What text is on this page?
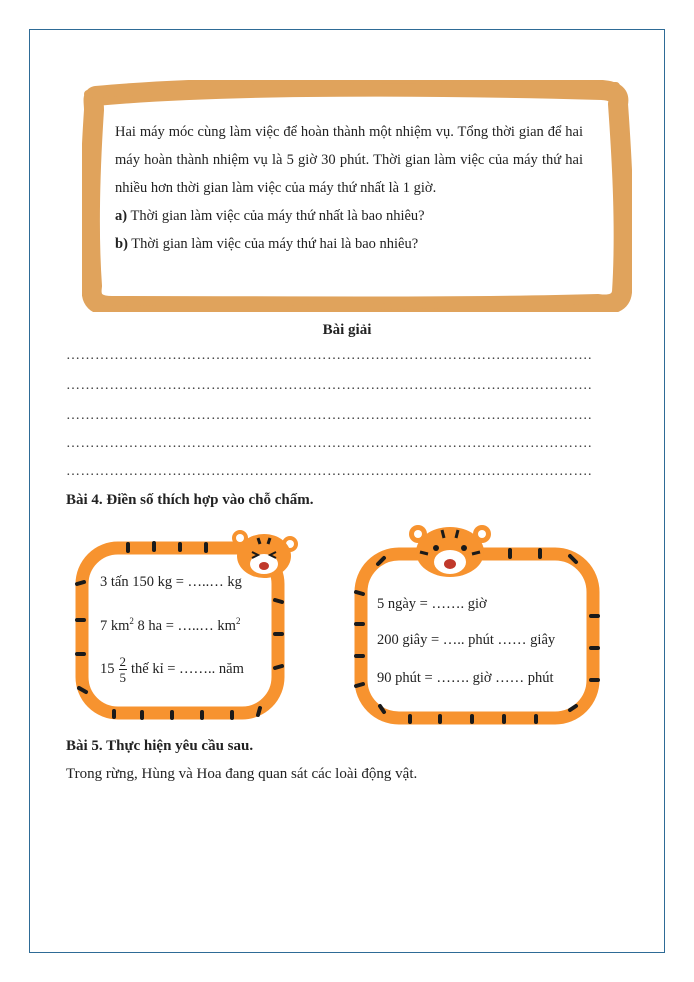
Hai máy móc cùng làm việc để hoàn thành một nhiệm vụ. Tổng thời gian để hai máy hoàn thành nhiệm vụ là 5 giờ 30 phút. Thời gian làm việc của máy thứ hai nhiều hơn thời gian làm việc của máy thứ nhất là 1 giờ.

a) Thời gian làm việc của máy thứ nhất là bao nhiêu?

b) Thời gian làm việc của máy thứ hai là bao nhiêu?

Bài giải
……………………………………………………………………………………………….
……………………………………………………………………………………………….
……………………………………………………………………………………………….
……………………………………………………………………………………………….
……………………………………………………………………………………………….
Bài 4. Điền số thích hợp vào chỗ chấm.
3 tấn 150 kg = …..… kg
7 $km^2$ 8 ha = …..… $km^2$
$15 \frac{2}{5}$ thế kỉ = …….. năm
5 ngày = ……. giờ
200 giây = ….. phút …… giây
90 phút = ……. giờ …… phút
Bài 5. Thực hiện yêu cầu sau.
Trong rừng, Hùng và Hoa đang quan sát các loài động vật.
